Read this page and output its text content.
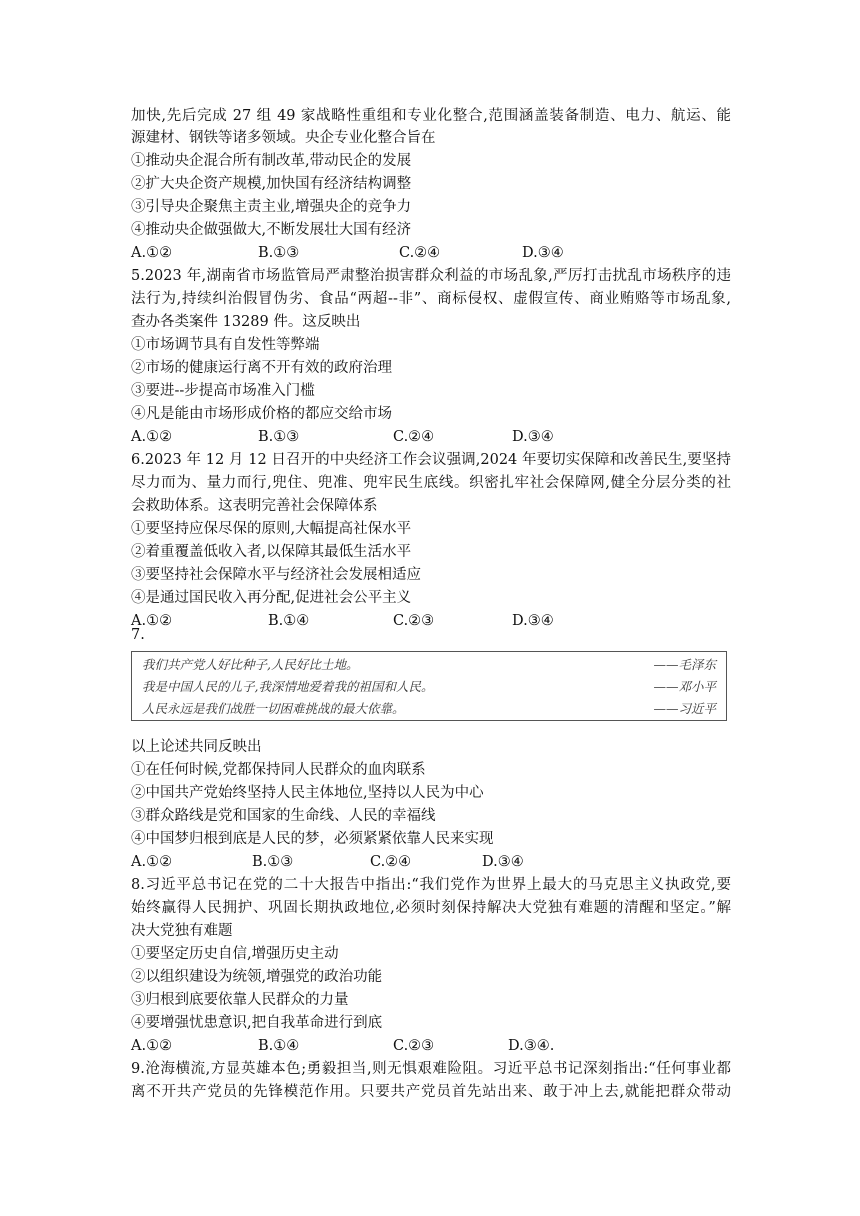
加快,先后完成 27 组 49 家战略性重组和专业化整合,范围涵盖装备制造、电力、航运、能
源建材、钢铁等诸多领域。央企专业化整合旨在
①推动央企混合所有制改革,带动民企的发展
②扩大央企资产规模,加快国有经济结构调整
③引导央企聚焦主责主业,增强央企的竞争力
④推动央企做强做大,不断发展壮大国有经济
A.①②	B.①③	C.②④	D.③④
5.2023 年,湖南省市场监管局严肃整治损害群众利益的市场乱象,严厉打击扰乱市场秩序的违
法行为,持续纠治假冒伪劣、食品“两超--非”、商标侵权、虚假宣传、商业贿赂等市场乱象,
查办各类案件 13289 件。这反映出
①市场调节具有自发性等弊端
②市场的健康运行离不开有效的政府治理
③要进--步提高市场准入门槛
④凡是能由市场形成价格的都应交给市场
A.①②	B.①③	C.②④	D.③④
6.2023 年 12 月 12 日召开的中央经济工作会议强调,2024 年要切实保障和改善民生,要坚持
尽力而为、量力而行,兜住、兜准、兜牢民生底线。织密扎牢社会保障网,健全分层分类的社
会救助体系。这表明完善社会保障体系
①要坚持应保尽保的原则,大幅提高社保水平
②着重覆盖低收入者,以保障其最低生活水平
③要坚持社会保障水平与经济社会发展相适应
④是通过国民收入再分配,促进社会公平主义
A.①②	B.①④	C.②③	D.③④
7.
我们共产党人好比种子,人民好比土地。	——毛泽东
我是中国人民的儿子,我深情地爱着我的祖国和人民。	——邓小平
人民永远是我们战胜一切困难挑战的最大依靠。	——习近平
以上论述共同反映出
①在任何时候,党都保持同人民群众的血肉联系
②中国共产党始终坚持人民主体地位,坚持以人民为中心
③群众路线是党和国家的生命线、人民的幸福线
④中国梦归根到底是人民的梦，必须紧紧依靠人民来实现
A.①②	B.①③	C.②④	D.③④
8.习近平总书记在党的二十大报告中指出:“我们党作为世界上最大的马克思主义执政党,要
始终赢得人民拥护、巩固长期执政地位,必须时刻保持解决大党独有难题的清醒和坚定。”解
决大党独有难题
①要坚定历史自信,增强历史主动
②以组织建设为统领,增强党的政治功能
③归根到底要依靠人民群众的力量
④要增强忧患意识,把自我革命进行到底
A.①②	B.①④	C.②③	D.③④.
9.沧海横流,方显英雄本色;勇毅担当,则无惧艰难险阻。习近平总书记深刻指出:“任何事业都
离不开共产党员的先锋模范作用。只要共产党员首先站出来、敢于冲上去,就能把群众带动
